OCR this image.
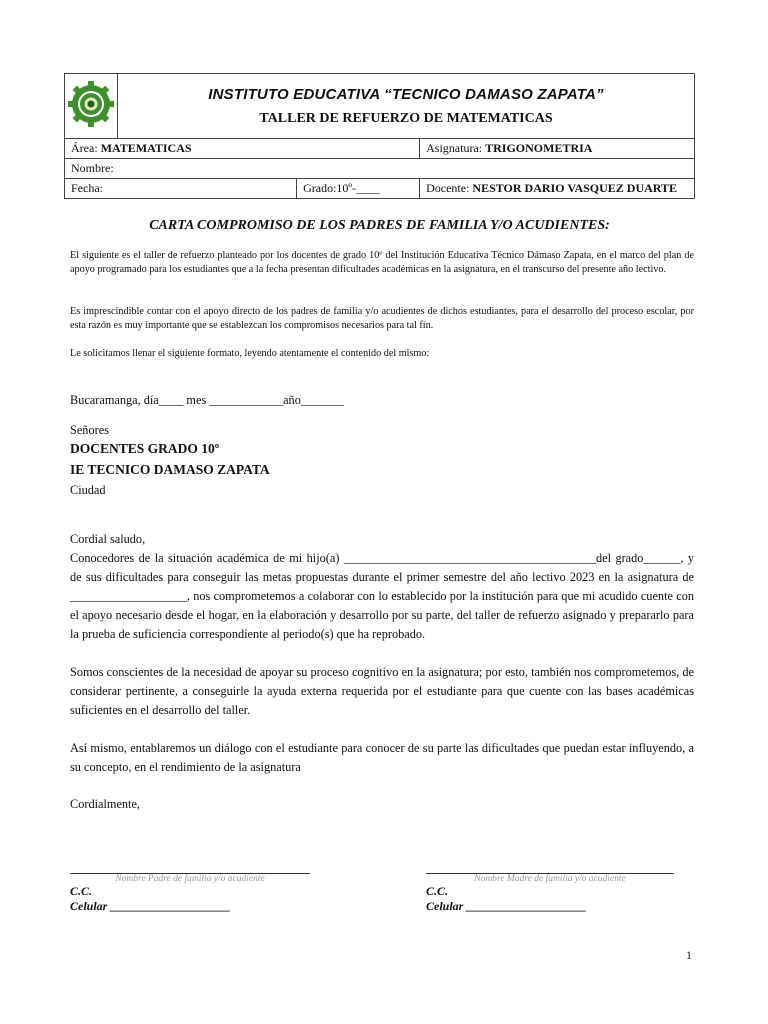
INSTITUTO EDUCATIVA “TECNICO DAMASO ZAPATA”
TALLER DE REFUERZO DE MATEMATICAS		

Área: MATEMATICAS			Asignatura: TRIGONOMETRIA
Nombre:			
Fecha:		Grado:10º-____	Docente: NESTOR DARIO VASQUEZ DUARTE
CARTA COMPROMISO DE LOS PADRES DE FAMILIA Y/O ACUDIENTES:
El siguiente es el taller de refuerzo planteado por los docentes de grado 10º del Institución Educativa Técnico Dámaso Zapata, en el marco del plan de apoyo programado para los estudiantes que a la fecha presentan dificultades académicas en la asignatura, en el transcurso del presente año lectivo.
Es imprescindible contar con el apoyo directo de los padres de familia y/o acudientes de dichos estudiantes, para el desarrollo del proceso escolar, por esta razón es muy importante que se establezcan los compromisos necesarios para tal fin.
Le solicitamos llenar el siguiente formato, leyendo atentamente el contenido del mismo:
Bucaramanga, día____ mes ____________año_______
Señores
DOCENTES GRADO 10º
IE TECNICO DAMASO ZAPATA
Ciudad
Cordial saludo,
Conocedores de la situación académica de mi hijo(a) _________________________________________del grado______, y de sus dificultades para conseguir las metas propuestas durante el primer semestre del año lectivo 2023 en la asignatura de ___________________, nos comprometemos a colaborar con lo establecido por la institución para que mi acudido cuente con el apoyo necesario desde el hogar, en la elaboración y desarrollo por su parte, del taller de refuerzo asignado y prepararlo para la prueba de suficiencia correspondiente al periodo(s) que ha reprobado.
Somos conscientes de la necesidad de apoyar su proceso cognitivo en la asignatura; por esto, también nos comprometemos, de considerar pertinente, a conseguirle la ayuda externa requerida por el estudiante para que cuente con las bases académicas suficientes en el desarrollo del taller.
Así mismo, entablaremos un diálogo con el estudiante para conocer de su parte las dificultades que puedan estar influyendo, a su concepto, en el rendimiento de la asignatura
Cordialmente,
Nombre Padre de familia y/o acudiente
C.C.
Celular ____________________
Nombre Madre de familia y/o acudiente
C.C.
Celular ____________________
1
